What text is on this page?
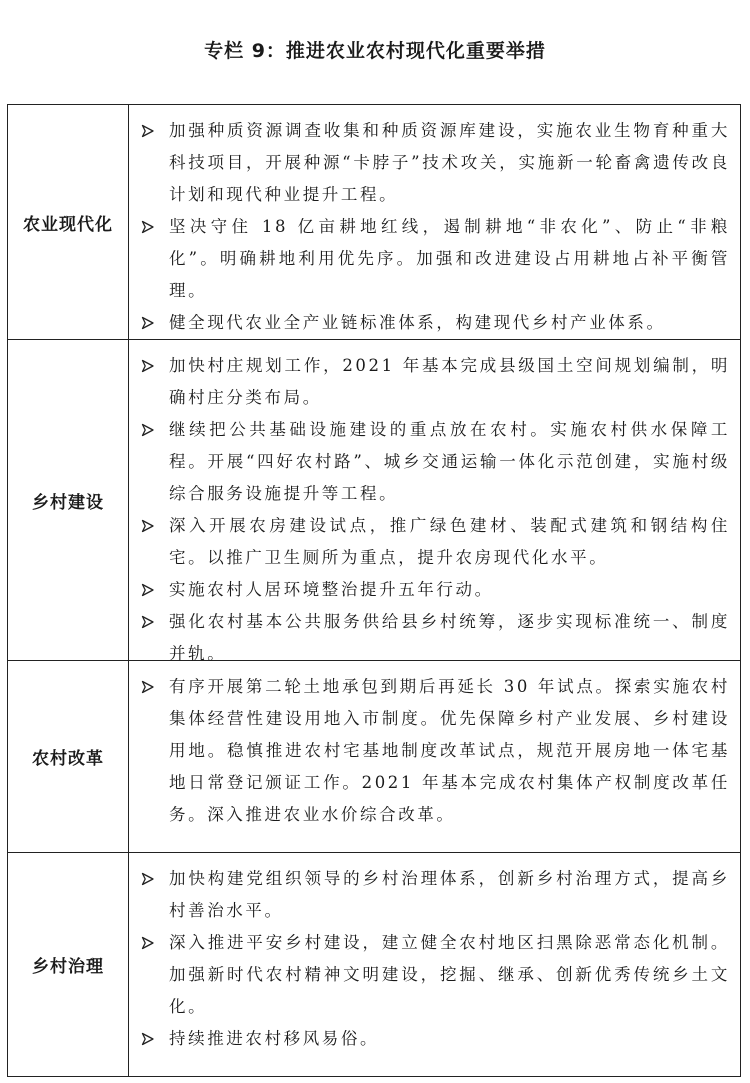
专栏 9：推进农业农村现代化重要举措
农业现代化
加强种质资源调查收集和种质资源库建设，实施农业生物育种重大科技项目，开展种源“卡脖子”技术攻关，实施新一轮畜禽遗传改良计划和现代种业提升工程。
坚决守住 18 亿亩耕地红线，遏制耕地“非农化”、防止“非粮化”。明确耕地利用优先序。加强和改进建设占用耕地占补平衡管理。
健全现代农业全产业链标准体系，构建现代乡村产业体系。
乡村建设
加快村庄规划工作，2021 年基本完成县级国土空间规划编制，明确村庄分类布局。
继续把公共基础设施建设的重点放在农村。实施农村供水保障工程。开展“四好农村路”、城乡交通运输一体化示范创建，实施村级综合服务设施提升等工程。
深入开展农房建设试点，推广绿色建材、装配式建筑和钢结构住宅。以推广卫生厕所为重点，提升农房现代化水平。
实施农村人居环境整治提升五年行动。
强化农村基本公共服务供给县乡村统筹，逐步实现标准统一、制度并轨。
农村改革
有序开展第二轮土地承包到期后再延长 30 年试点。探索实施农村集体经营性建设用地入市制度。优先保障乡村产业发展、乡村建设用地。稳慎推进农村宅基地制度改革试点，规范开展房地一体宅基地日常登记颁证工作。2021 年基本完成农村集体产权制度改革任务。深入推进农业水价综合改革。
乡村治理
加快构建党组织领导的乡村治理体系，创新乡村治理方式，提高乡村善治水平。
深入推进平安乡村建设，建立健全农村地区扫黑除恶常态化机制。加强新时代农村精神文明建设，挖掘、继承、创新优秀传统乡土文化。
持续推进农村移风易俗。
